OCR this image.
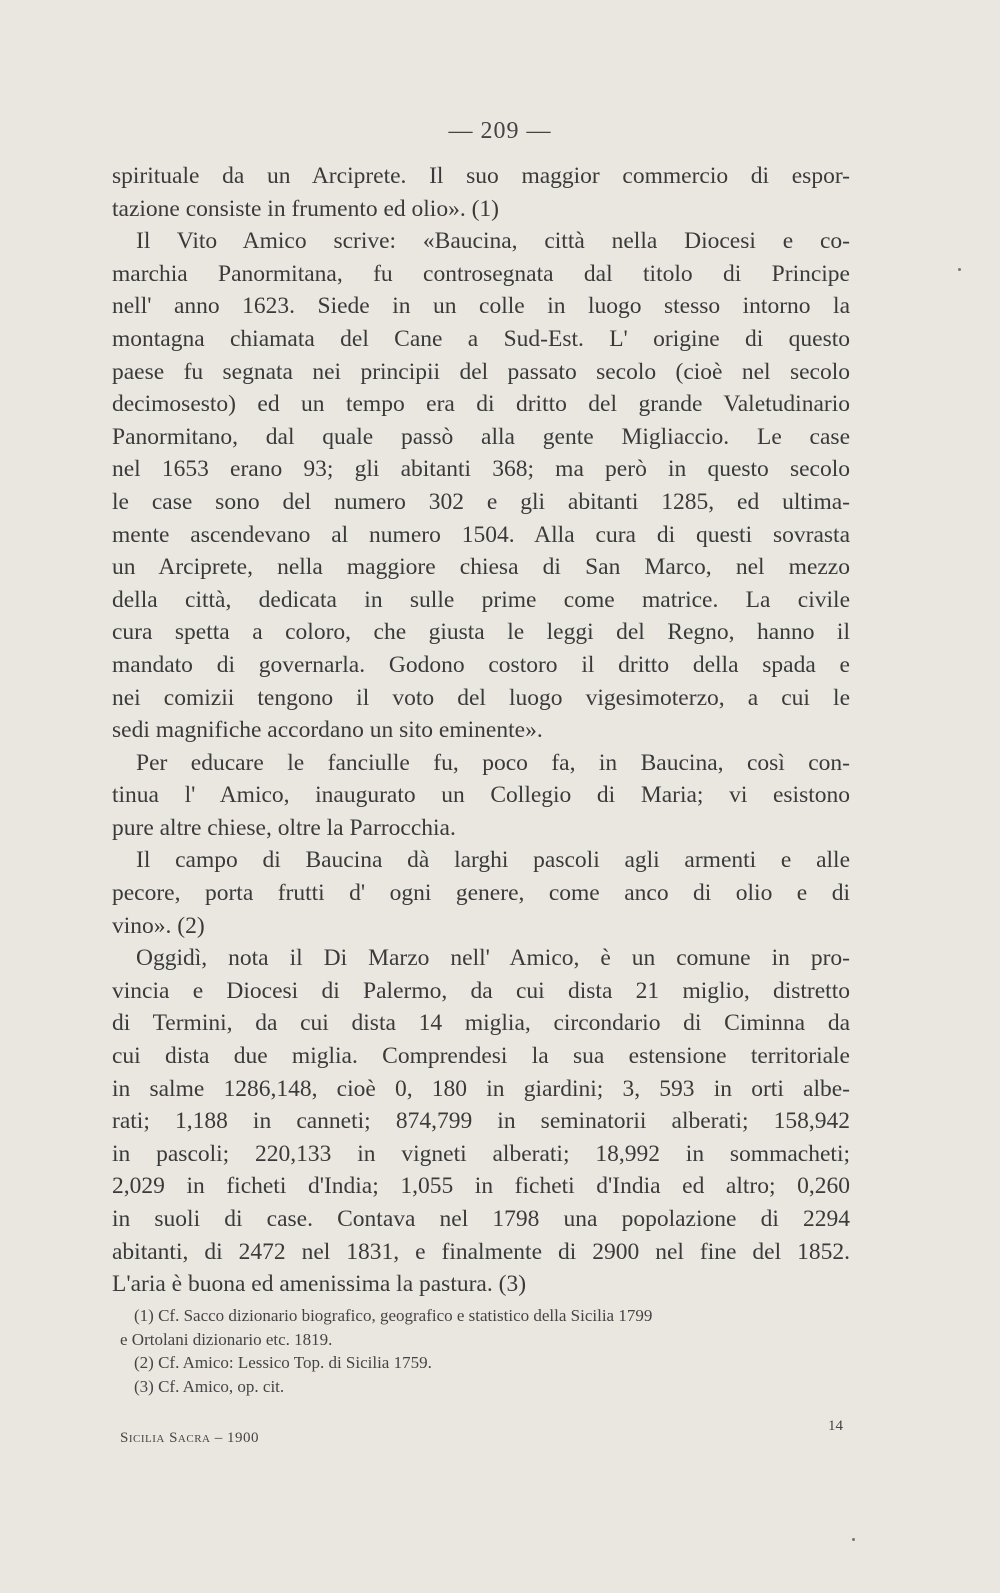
— 209 —
spirituale da un Arciprete. Il suo maggior commercio di espor-
tazione consiste in frumento ed olio». (1)
Il Vito Amico scrive: «Baucina, città nella Diocesi e co-
marchia Panormitana, fu controsegnata dal titolo di Principe
nell' anno 1623. Siede in un colle in luogo stesso intorno la
montagna chiamata del Cane a Sud-Est. L' origine di questo
paese fu segnata nei principii del passato secolo (cioè nel secolo
decimosesto) ed un tempo era di dritto del grande Valetudinario
Panormitano, dal quale passò alla gente Migliaccio. Le case
nel 1653 erano 93; gli abitanti 368; ma però in questo secolo
le case sono del numero 302 e gli abitanti 1285, ed ultima-
mente ascendevano al numero 1504. Alla cura di questi sovrasta
un Arciprete, nella maggiore chiesa di San Marco, nel mezzo
della città, dedicata in sulle prime come matrice. La civile
cura spetta a coloro, che giusta le leggi del Regno, hanno il
mandato di governarla. Godono costoro il dritto della spada e
nei comizii tengono il voto del luogo vigesimoterzo, a cui le
sedi magnifiche accordano un sito eminente».
Per educare le fanciulle fu, poco fa, in Baucina, così con-
tinua l' Amico, inaugurato un Collegio di Maria; vi esistono
pure altre chiese, oltre la Parrocchia.
Il campo di Baucina dà larghi pascoli agli armenti e alle
pecore, porta frutti d' ogni genere, come anco di olio e di
vino». (2)
Oggidì, nota il Di Marzo nell' Amico, è un comune in pro-
vincia e Diocesi di Palermo, da cui dista 21 miglio, distretto
di Termini, da cui dista 14 miglia, circondario di Ciminna da
cui dista due miglia. Comprendesi la sua estensione territoriale
in salme 1286,148, cioè 0, 180 in giardini; 3, 593 in orti albe-
rati; 1,188 in canneti; 874,799 in seminatorii alberati; 158,942
in pascoli; 220,133 in vigneti alberati; 18,992 in sommacheti;
2,029 in ficheti d'India; 1,055 in ficheti d'India ed altro; 0,260
in suoli di case. Contava nel 1798 una popolazione di 2294
abitanti, di 2472 nel 1831, e finalmente di 2900 nel fine del 1852.
L'aria è buona ed amenissima la pastura. (3)
(1) Cf. Sacco dizionario biografico, geografico e statistico della Sicilia 1799
e Ortolani dizionario etc. 1819.
(2) Cf. Amico: Lessico Top. di Sicilia 1759.
(3) Cf. Amico, op. cit.
Sicilia Sacra – 1900
14
